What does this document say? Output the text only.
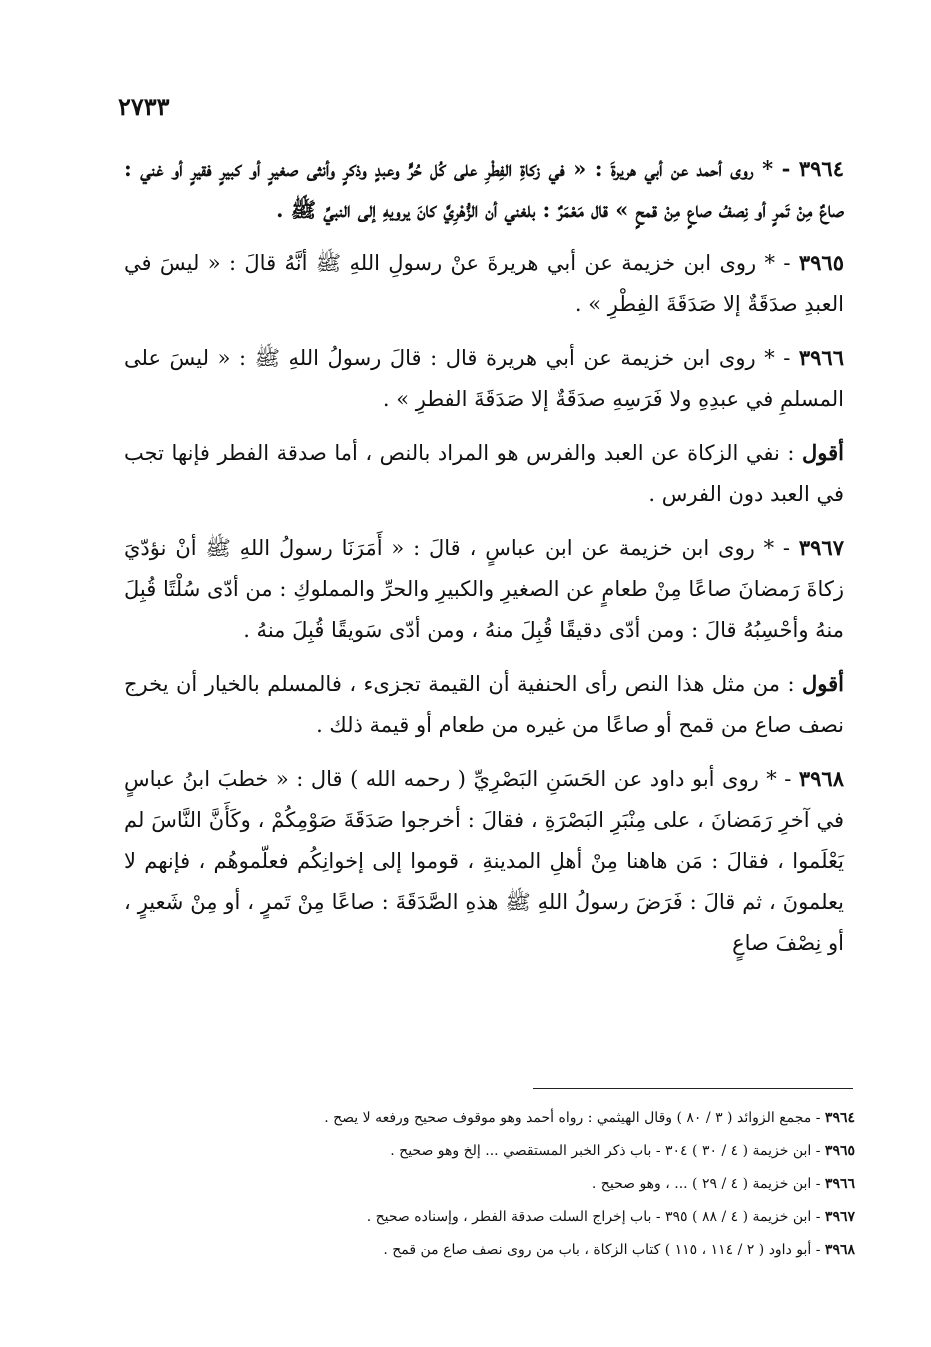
٢٧٣٣

٣٩٦٤ - * روى أحمد عن أبي هريرةَ : « في زكاةِ الفِطْرِ على كُل حُرٍّ وعبدٍ وذكرٍ وأنثى صغيرٍ أو كبيرٍ فقيرٍ أو غني : صاعٌ مِنْ تَمرٍ أو نِصفُ صاعٍ مِنْ قمحٍ » قال مَعْمَرٌ : بلغني أن الزُّهْرِيَّ كانَ يرويهِ إلى النبيِّ ﷺ .

٣٩٦٥ - * روى ابن خزيمة عن أبي هريرةَ عنْ رسولِ اللهِ ﷺ أنَّهُ قالَ : « ليسَ في العبدِ صدَقَةٌ إلا صَدَقَةَ الفِطْرِ » .

٣٩٦٦ - * روى ابن خزيمة عن أبي هريرة قال : قالَ رسولُ اللهِ ﷺ : « ليسَ على المسلمِ في عبدِهِ ولا فَرَسِهِ صدَقَةٌ إلا صَدَقَةَ الفطرِ » .

أقول : نفي الزكاة عن العبد والفرس هو المراد بالنص ، أما صدقة الفطر فإنها تجب في العبد دون الفرس .

٣٩٦٧ - * روى ابن خزيمة عن ابن عباسٍ ، قالَ : « أَمَرَنَا رسولُ اللهِ ﷺ أنْ نؤدّيَ زكاةَ رَمضانَ صاعًا مِنْ طعامٍ عن الصغيرِ والكبيرِ والحرِّ والمملوكِ : من أدّى سُلْتًا قُبِلَ منهُ وأحْسِبُهُ قالَ : ومن أدّى دقيقًا قُبِلَ منهُ ، ومن أدّى سَويقًا قُبِلَ منهُ .

أقول : من مثل هذا النص رأى الحنفية أن القيمة تجزىء ، فالمسلم بالخيار أن يخرج نصف صاع من قمح أو صاعًا من غيره من طعام أو قيمة ذلك .

٣٩٦٨ - * روى أبو داود عن الحَسَنِ البَصْرِيِّ ( رحمه الله ) قال : « خطبَ ابنُ عباسٍ في آخرِ رَمَضانَ ، على مِنْبَرِ البَصْرَةِ ، فقالَ : أخرجوا صَدَقَةَ صَوْمِكُمْ ، وكَأَنَّ النَّاسَ لم يَعْلَموا ، فقالَ : مَن هاهنا مِنْ أهلِ المدينةِ ، قوموا إلى إخوانِكُم فعلّموهُم ، فإنهم لا يعلمونَ ، ثم قالَ : فَرَضَ رسولُ اللهِ ﷺ هذهِ الصَّدَقَةَ : صاعًا مِنْ تَمرٍ ، أو مِنْ شَعيرٍ ، أو نِصْفَ صاعٍ

٣٩٦٤ - مجمع الزوائد ( ٣ / ٨٠ ) وقال الهيثمي : رواه أحمد وهو موقوف صحيح ورفعه لا يصح .
٣٩٦٥ - ابن خزيمة ( ٤ / ٣٠ ) ٣٠٤ - باب ذكر الخبر المستقصي ... إلخ وهو صحيح .
٣٩٦٦ - ابن خزيمة ( ٤ / ٢٩ ) ... ، وهو صحيح .
٣٩٦٧ - ابن خزيمة ( ٤ / ٨٨ ) ٣٩٥ - باب إخراج السلت صدقة الفطر ، وإسناده صحيح .
٣٩٦٨ - أبو داود ( ٢ / ١١٤ ، ١١٥ ) كتاب الزكاة ، باب من روى نصف صاع من قمح .
